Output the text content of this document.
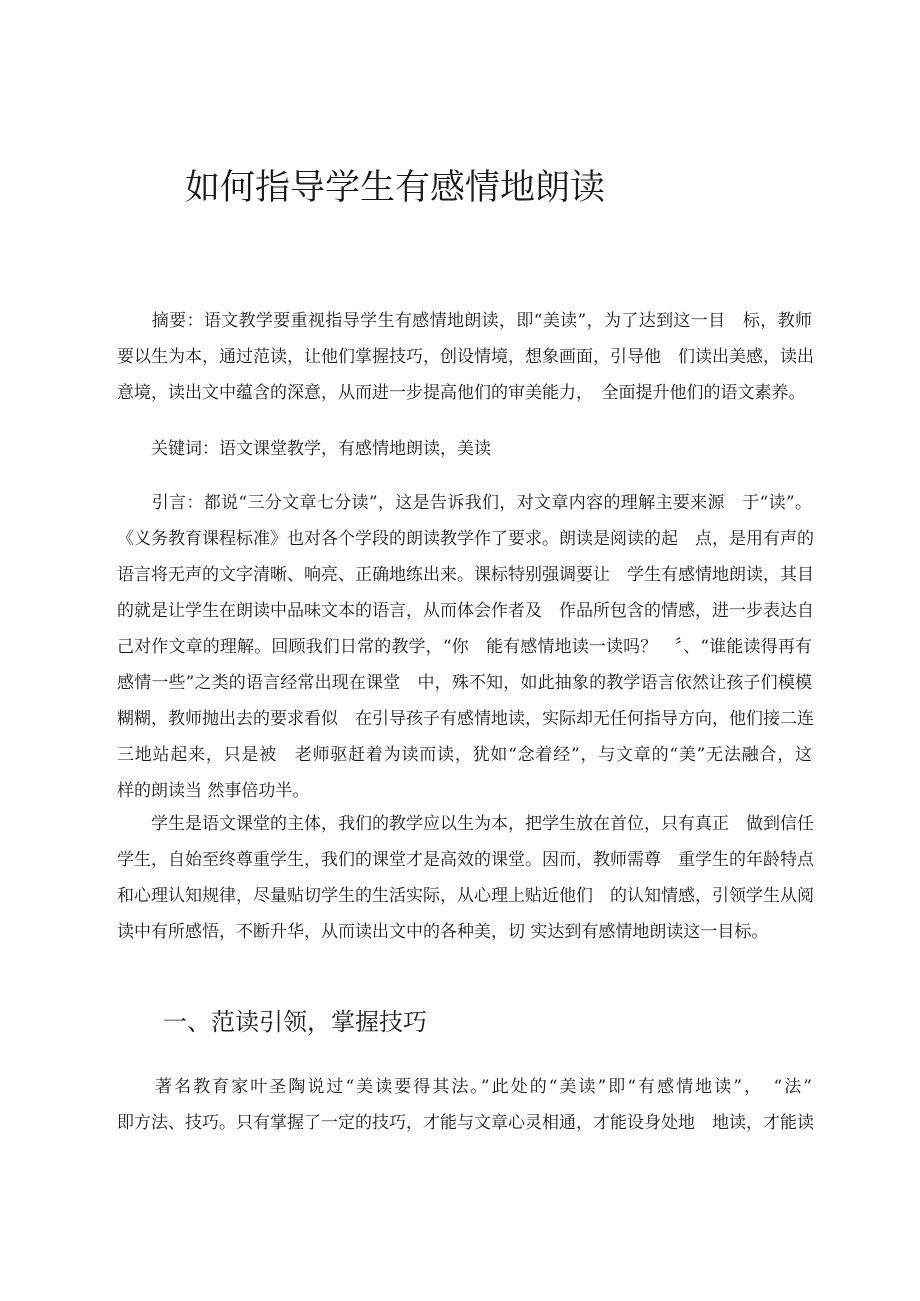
如何指导学生有感情地朗读

　　摘要：语文教学要重视指导学生有感情地朗读，即“美读”，为了达到这一目　标，教师
要以生为本，通过范读，让他们掌握技巧，创设情境，想象画面，引导他　们读出美感，读出
意境，读出文中蕴含的深意，从而进一步提高他们的审美能力，　全面提升他们的语文素养。

　　关键词：语文课堂教学，有感情地朗读，美读

　　引言：都说“三分文章七分读”，这是告诉我们，对文章内容的理解主要来源　于“读”。
《义务教育课程标准》也对各个学段的朗读教学作了要求。朗读是阅读的起　点，是用有声的
语言将无声的文字清晰、响亮、正确地练出来。课标特别强调要让　学生有感情地朗读，其目
的就是让学生在朗读中品味文本的语言，从而体会作者及　作品所包含的情感，进一步表达自
己对作文章的理解。回顾我们日常的教学，“你　能有感情地读一读吗？　〞、“谁能读得再有
感情一些”之类的语言经常出现在课堂　中，殊不知，如此抽象的教学语言依然让孩子们模模
糊糊，教师抛出去的要求看似　在引导孩子有感情地读，实际却无任何指导方向，他们接二连
三地站起来，只是被　老师驱赶着为读而读，犹如“念着经”，与文章的“美”无法融合，这
样的朗读当 然事倍功半。

　　学生是语文课堂的主体，我们的教学应以生为本，把学生放在首位，只有真正　做到信任
学生，自始至终尊重学生，我们的课堂才是高效的课堂。因而，教师需尊　重学生的年龄特点
和心理认知规律，尽量贴切学生的生活实际，从心理上贴近他们　的认知情感，引领学生从阅
读中有所感悟，不断升华，从而读出文中的各种美，切 实达到有感情地朗读这一目标。

一、范读引领，掌握技巧

　　著名教育家叶圣陶说过“美读要得其法。”此处的“美读”即“有感情地读”，　“法”
即方法、技巧。只有掌握了一定的技巧，才能与文章心灵相通，才能设身处地　地读，才能读
